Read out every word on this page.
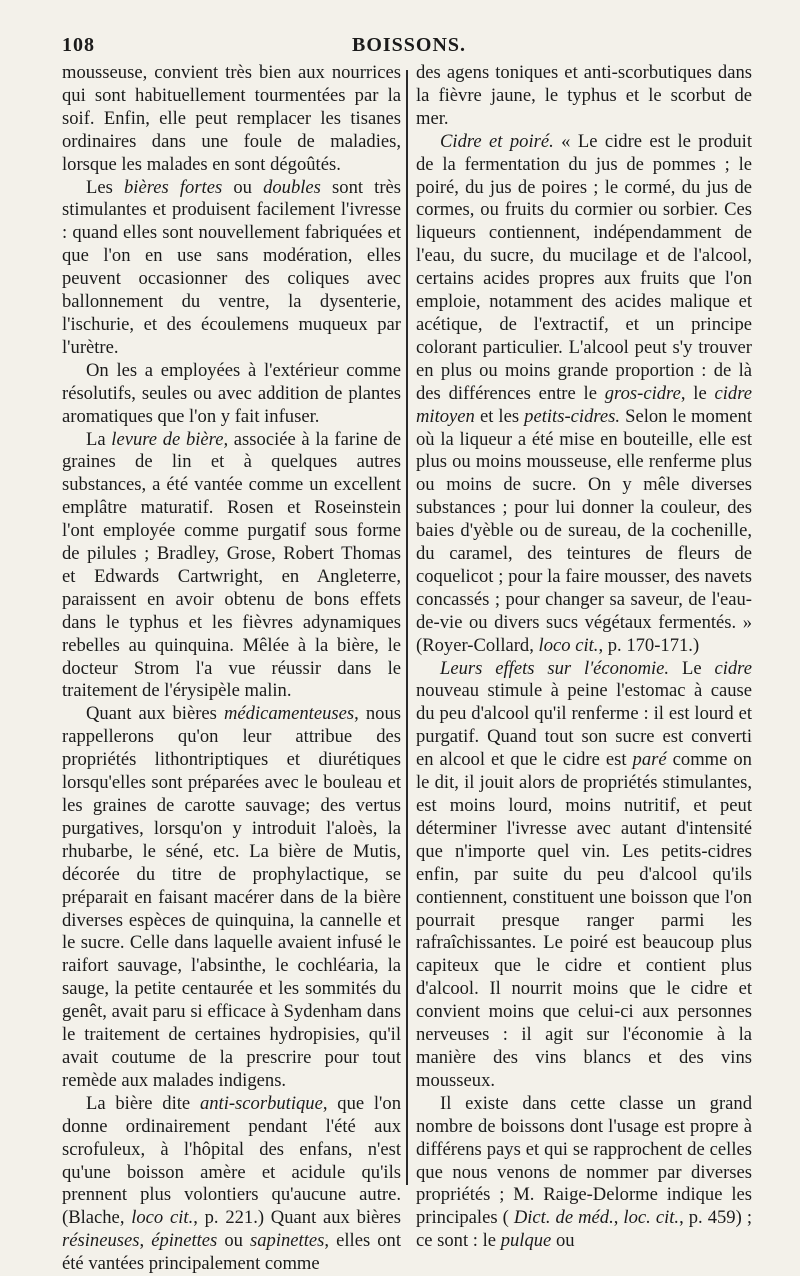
108	BOISSONS.

mousseuse, convient très bien aux nourrices qui sont habituellement tourmentées par la soif. Enfin, elle peut remplacer les tisanes ordinaires dans une foule de maladies, lorsque les malades en sont dégoûtés.

Les bières fortes ou doubles sont très stimulantes et produisent facilement l'ivresse : quand elles sont nouvellement fabriquées et que l'on en use sans modération, elles peuvent occasionner des coliques avec ballonnement du ventre, la dysenterie, l'ischurie, et des écoulemens muqueux par l'urètre.

On les a employées à l'extérieur comme résolutifs, seules ou avec addition de plantes aromatiques que l'on y fait infuser.

La levure de bière, associée à la farine de graines de lin et à quelques autres substances, a été vantée comme un excellent emplâtre maturatif. Rosen et Roseinstein l'ont employée comme purgatif sous forme de pilules ; Bradley, Grose, Robert Thomas et Edwards Cartwright, en Angleterre, paraissent en avoir obtenu de bons effets dans le typhus et les fièvres adynamiques rebelles au quinquina. Mêlée à la bière, le docteur Strom l'a vue réussir dans le traitement de l'érysipèle malin.

Quant aux bières médicamenteuses, nous rappellerons qu'on leur attribue des propriétés lithontriptiques et diurétiques lorsqu'elles sont préparées avec le bouleau et les graines de carotte sauvage; des vertus purgatives, lorsqu'on y introduit l'aloès, la rhubarbe, le séné, etc. La bière de Mutis, décorée du titre de prophylactique, se préparait en faisant macérer dans de la bière diverses espèces de quinquina, la cannelle et le sucre. Celle dans laquelle avaient infusé le raifort sauvage, l'absinthe, le cochléaria, la sauge, la petite centaurée et les sommités du genêt, avait paru si efficace à Sydenham dans le traitement de certaines hydropisies, qu'il avait coutume de la prescrire pour tout remède aux malades indigens.

La bière dite anti-scorbutique, que l'on donne ordinairement pendant l'été aux scrofuleux, à l'hôpital des enfans, n'est qu'une boisson amère et acidule qu'ils prennent plus volontiers qu'aucune autre. (Blache, loco cit., p. 221.) Quant aux bières résineuses, épinettes ou sapinettes, elles ont été vantées principalement comme

des agens toniques et anti-scorbutiques dans la fièvre jaune, le typhus et le scorbut de mer.

Cidre et poiré. « Le cidre est le produit de la fermentation du jus de pommes ; le poiré, du jus de poires ; le cormé, du jus de cormes, ou fruits du cormier ou sorbier. Ces liqueurs contiennent, indépendamment de l'eau, du sucre, du mucilage et de l'alcool, certains acides propres aux fruits que l'on emploie, notamment des acides malique et acétique, de l'extractif, et un principe colorant particulier. L'alcool peut s'y trouver en plus ou moins grande proportion : de là des différences entre le gros-cidre, le cidre mitoyen et les petits-cidres. Selon le moment où la liqueur a été mise en bouteille, elle est plus ou moins mousseuse, elle renferme plus ou moins de sucre. On y mêle diverses substances ; pour lui donner la couleur, des baies d'yèble ou de sureau, de la cochenille, du caramel, des teintures de fleurs de coquelicot ; pour la faire mousser, des navets concassés ; pour changer sa saveur, de l'eau-de-vie ou divers sucs végétaux fermentés. » (Royer-Collard, loco cit., p. 170-171.)

Leurs effets sur l'économie. Le cidre nouveau stimule à peine l'estomac à cause du peu d'alcool qu'il renferme : il est lourd et purgatif. Quand tout son sucre est converti en alcool et que le cidre est paré comme on le dit, il jouit alors de propriétés stimulantes, est moins lourd, moins nutritif, et peut déterminer l'ivresse avec autant d'intensité que n'importe quel vin. Les petits-cidres enfin, par suite du peu d'alcool qu'ils contiennent, constituent une boisson que l'on pourrait presque ranger parmi les rafraîchissantes. Le poiré est beaucoup plus capiteux que le cidre et contient plus d'alcool. Il nourrit moins que le cidre et convient moins que celui-ci aux personnes nerveuses : il agit sur l'économie à la manière des vins blancs et des vins mousseux.

Il existe dans cette classe un grand nombre de boissons dont l'usage est propre à différens pays et qui se rapprochent de celles que nous venons de nommer par diverses propriétés ; M. Raige-Delorme indique les principales ( Dict. de méd., loc. cit., p. 459) ; ce sont : le pulque ou
